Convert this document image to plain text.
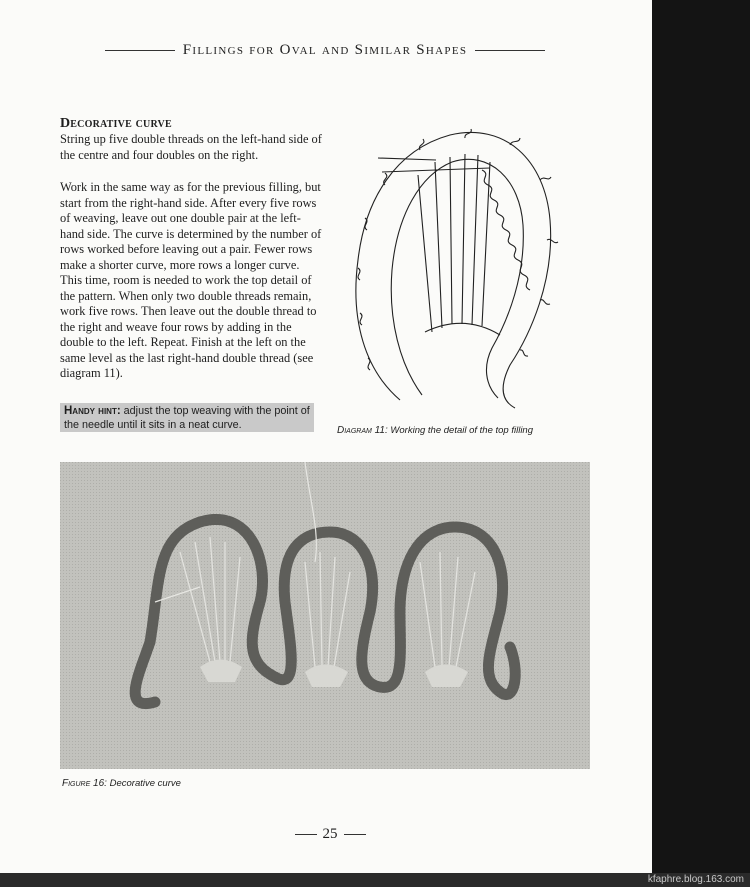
kfaphre.blog.163.com
Fillings for Oval and Similar Shapes
Decorative curve
String up five double threads on the left-hand side of the centre and four doubles on the right.
Work in the same way as for the previous filling, but start from the right-hand side. After every five rows of weaving, leave out one double pair at the left-hand side. The curve is determined by the number of rows worked before leaving out a pair. Fewer rows make a shorter curve, more rows a longer curve. This time, room is needed to work the top detail of the pattern. When only two double threads remain, work five rows. Then leave out the double thread to the right and weave four rows by adding in the double to the left. Repeat. Finish at the left on the same level as the last right-hand double thread (see diagram 11).
Handy hint: adjust the top weaving with the point of the needle until it sits in a neat curve.	Diagram 11: Working the detail of the top filling
Figure 16: Decorative curve
25
